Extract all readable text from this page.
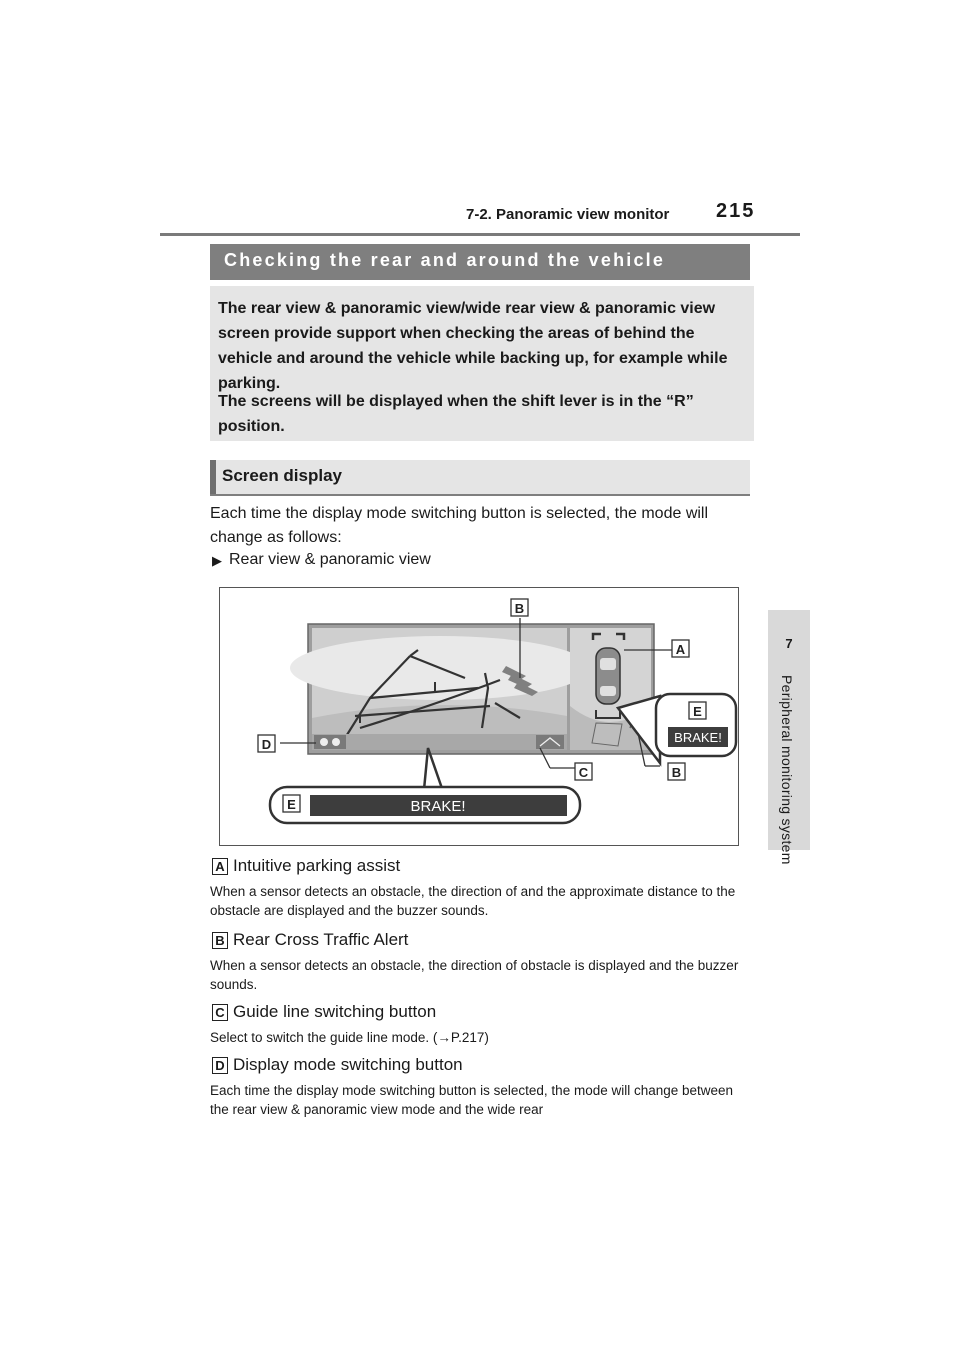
7-2. Panoramic view monitor 215
7
Peripheral monitoring system
Checking the rear and around the vehicle
The rear view & panoramic view/wide rear view & panoramic view screen provide support when checking the areas of behind the vehicle and around the vehicle while backing up, for example while parking.
The screens will be displayed when the shift lever is in the “R” position.
Screen display
Each time the display mode switching button is selected, the mode will change as follows:
▶ Rear view & panoramic view
BRAKE!
BRAKE!
B
A
E
D
C	B
E
A Intuitive parking assist
When a sensor detects an obstacle, the direction of and the approximate distance to the obstacle are displayed and the buzzer sounds.
B Rear Cross Traffic Alert
When a sensor detects an obstacle, the direction of obstacle is displayed and the buzzer sounds.
C Guide line switching button
Select to switch the guide line mode. (→P.217)
D Display mode switching button
Each time the display mode switching button is selected, the mode will change between the rear view & panoramic view mode and the wide rear
